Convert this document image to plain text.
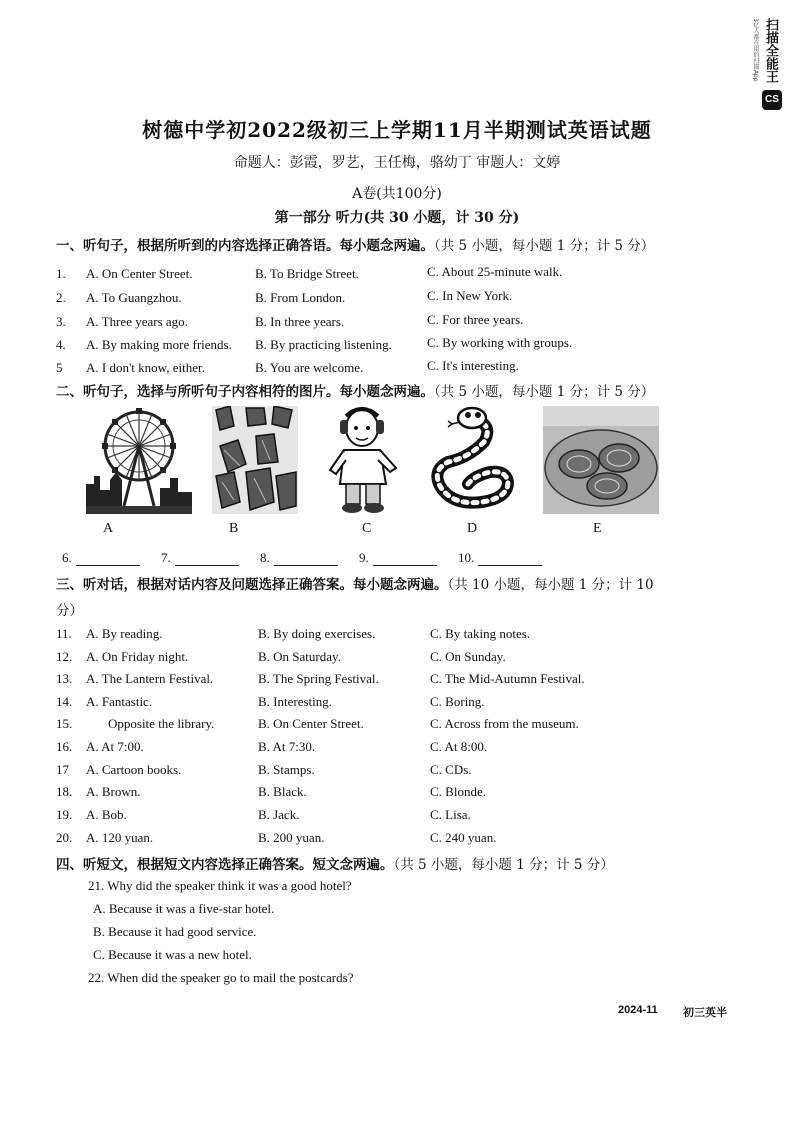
CS
扫描全能王
3亿人都在用的扫描App
树德中学初2022级初三上学期11月半期测试英语试题
命题人：彭霞，罗艺，王任梅，骆幼丁 审题人：文婷
A卷(共100分)
第一部分 听力(共 30 小题，计 30 分)
一、听句子，根据所听到的内容选择正确答语。每小题念两遍。（共 5 小题，每小题 1 分；计 5 分）
1.	A. On Center Street.	B. To Bridge Street.	C. About 25-minute walk.
2.	A. To Guangzhou.	B. From London.	C. In New York.
3.	A. Three years ago.	B. In three years.	C. For three years.
4.	A. By making more friends. B. By practicing listening.	C. By working with groups.
5	A. I don't know, either.	B. You are welcome.	C. It's interesting.
二、听句子，选择与所听句子内容相符的图片。每小题念两遍。（共 5 小题，每小题 1 分；计 5 分）
A	B	C	D	E
6.	7.	8.	9.	10.
三、听对话，根据对话内容及问题选择正确答案。每小题念两遍。（共 10 小题，每小题 1 分；计 10
分）
11.	A. By reading.	B. By doing exercises.	C. By taking notes.
12.	A. On Friday night.	B. On Saturday.	C. On Sunday.
13.	A. The Lantern Festival.	B. The Spring Festival.	C. The Mid-Autumn Festival.
14.	A. Fantastic.	B. Interesting.	C. Boring.
15.	Opposite the library.	B. On Center Street.	C. Across from the museum.
16.	A. At 7:00.	B. At 7:30.	C. At 8:00.
17	A. Cartoon books.	B. Stamps.	C. CDs.
18.	A. Brown.	B. Black.	C. Blonde.
19.	A. Bob.	B. Jack.	C. Lisa.
20.	A. 120 yuan.	B. 200 yuan.	C. 240 yuan.
四、听短文，根据短文内容选择正确答案。短文念两遍。（共 5 小题，每小题 1 分；计 5 分）
21. Why did the speaker think it was a good hotel?
A. Because it was a five-star hotel.
B. Because it had good service.
C. Because it was a new hotel.
22. When did the speaker go to mail the postcards?
2024-11 初三英半
